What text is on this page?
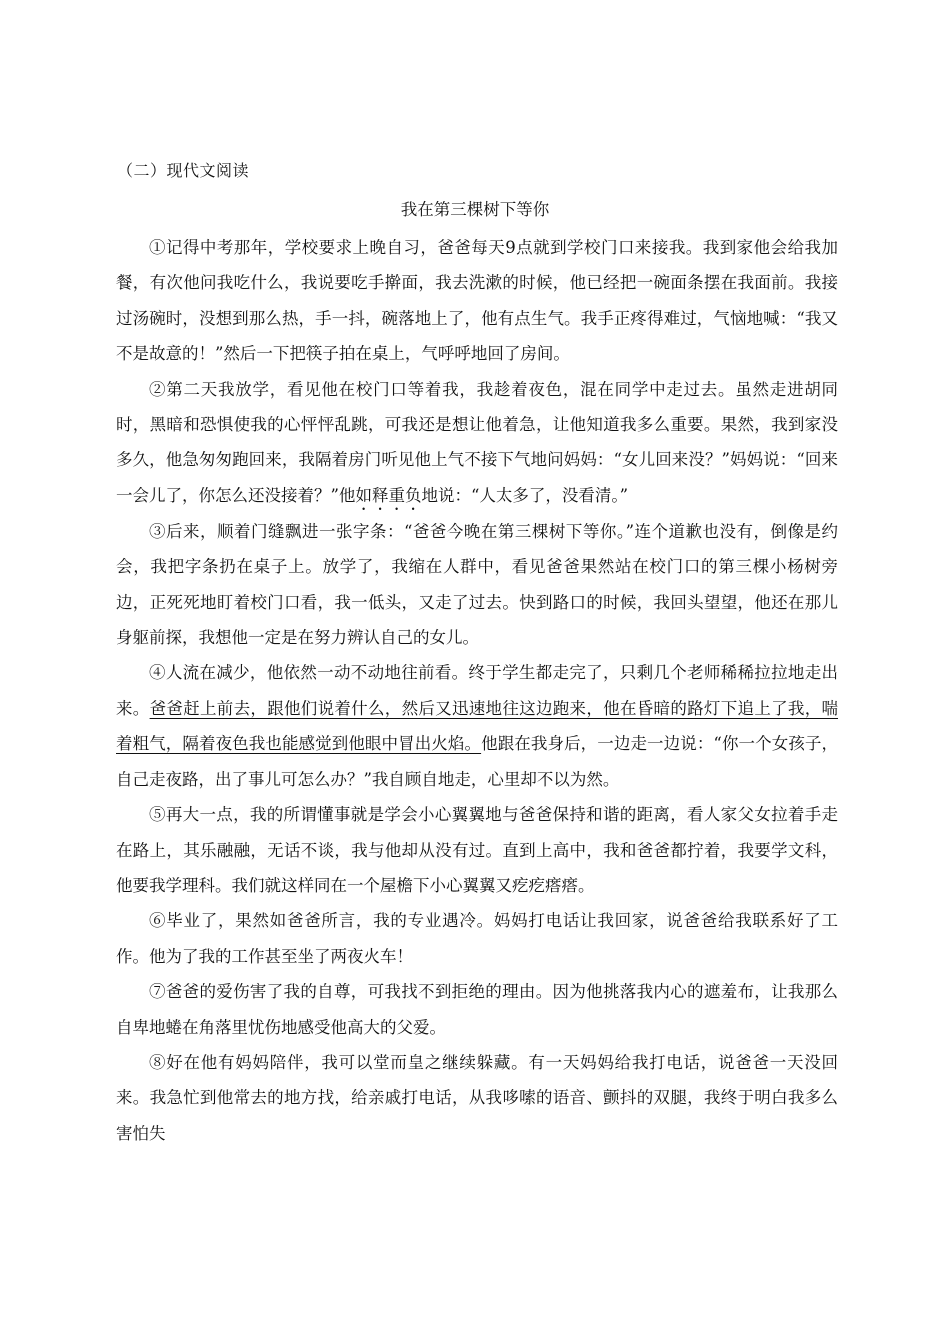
（二）现代文阅读
我在第三棵树下等你

①记得中考那年，学校要求上晚自习，爸爸每天9点就到学校门口来接我。我到家他会给我加餐，有次他问我吃什么，我说要吃手擀面，我去洗漱的时候，他已经把一碗面条摆在我面前。我接过汤碗时，没想到那么热，手一抖，碗落地上了，他有点生气。我手正疼得难过，气恼地喊：“我又不是故意的！”然后一下把筷子拍在桌上，气呼呼地回了房间。

②第二天我放学，看见他在校门口等着我，我趁着夜色，混在同学中走过去。虽然走进胡同时，黑暗和恐惧使我的心怦怦乱跳，可我还是想让他着急，让他知道我多么重要。果然，我到家没多久，他急匆匆跑回来，我隔着房门听见他上气不接下气地问妈妈：“女儿回来没？”妈妈说：“回来一会儿了，你怎么还没接着？”他如释重负地说：“人太多了，没看清。”

③后来，顺着门缝飘进一张字条：“爸爸今晚在第三棵树下等你。”连个道歉也没有，倒像是约会，我把字条扔在桌子上。放学了，我缩在人群中，看见爸爸果然站在校门口的第三棵小杨树旁边，正死死地盯着校门口看，我一低头，又走了过去。快到路口的时候，我回头望望，他还在那儿身躯前探，我想他一定是在努力辨认自己的女儿。

④人流在减少，他依然一动不动地往前看。终于学生都走完了，只剩几个老师稀稀拉拉地走出来。爸爸赶上前去，跟他们说着什么，然后又迅速地往这边跑来，他在昏暗的路灯下追上了我，喘着粗气，隔着夜色我也能感觉到他眼中冒出火焰。他跟在我身后，一边走一边说：“你一个女孩子，自己走夜路，出了事儿可怎么办？”我自顾自地走，心里却不以为然。

⑤再大一点，我的所谓懂事就是学会小心翼翼地与爸爸保持和谐的距离，看人家父女拉着手走在路上，其乐融融，无话不谈，我与他却从没有过。直到上高中，我和爸爸都拧着，我要学文科，他要我学理科。我们就这样同在一个屋檐下小心翼翼又疙疙瘩瘩。

⑥毕业了，果然如爸爸所言，我的专业遇冷。妈妈打电话让我回家，说爸爸给我联系好了工作。他为了我的工作甚至坐了两夜火车！

⑦爸爸的爱伤害了我的自尊，可我找不到拒绝的理由。因为他挑落我内心的遮羞布，让我那么自卑地蜷在角落里忧伤地感受他高大的父爱。

⑧好在他有妈妈陪伴，我可以堂而皇之继续躲藏。有一天妈妈给我打电话，说爸爸一天没回来。我急忙到他常去的地方找，给亲戚打电话，从我哆嗦的语音、颤抖的双腿，我终于明白我多么害怕失
